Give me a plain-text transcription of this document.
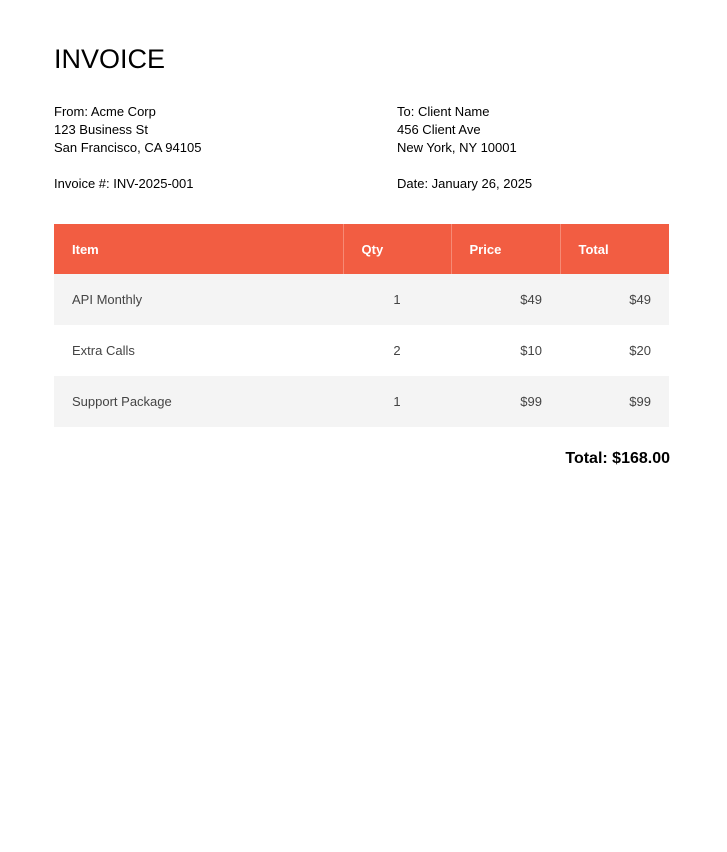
INVOICE
From: Acme Corp
123 Business St
San Francisco, CA 94105
To: Client Name
456 Client Ave
New York, NY 10001
Invoice #: INV-2025-001	Date: January 26, 2025
Item	Qty	Price	Total
API Monthly	1	$49	$49
Extra Calls	2	$10	$20
Support Package	1	$99	$99
Total: $168.00
